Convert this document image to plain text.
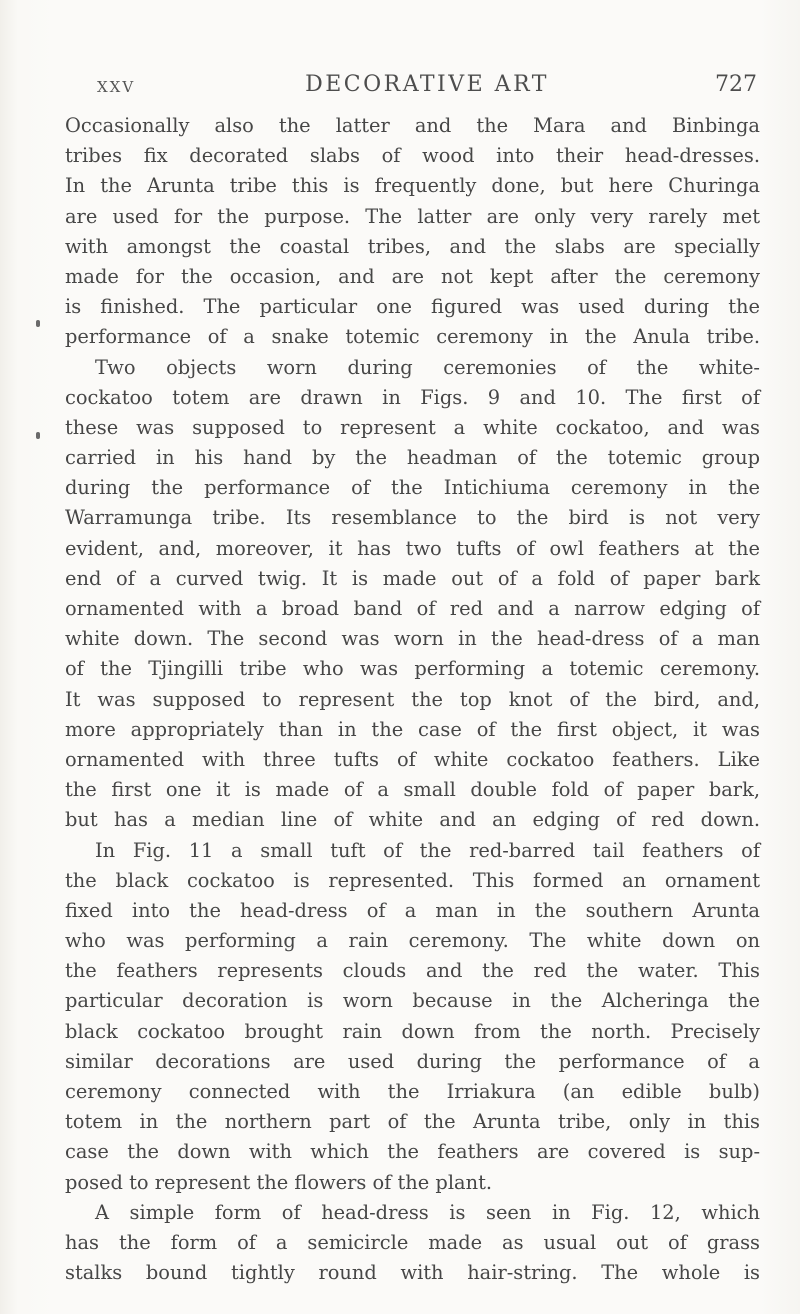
XXV	DECORATIVE ART	727
Occasionally also the latter and the Mara and Binbinga
tribes fix decorated slabs of wood into their head-dresses.
In the Arunta tribe this is frequently done, but here Churinga
are used for the purpose. The latter are only very rarely met
with amongst the coastal tribes, and the slabs are specially
made for the occasion, and are not kept after the ceremony
is finished. The particular one figured was used during the
performance of a snake totemic ceremony in the Anula tribe.
Two objects worn during ceremonies of the white-
cockatoo totem are drawn in Figs. 9 and 10. The first of
these was supposed to represent a white cockatoo, and was
carried in his hand by the headman of the totemic group
during the performance of the Intichiuma ceremony in the
Warramunga tribe. Its resemblance to the bird is not very
evident, and, moreover, it has two tufts of owl feathers at the
end of a curved twig. It is made out of a fold of paper bark
ornamented with a broad band of red and a narrow edging of
white down. The second was worn in the head-dress of a man
of the Tjingilli tribe who was performing a totemic ceremony.
It was supposed to represent the top knot of the bird, and,
more appropriately than in the case of the first object, it was
ornamented with three tufts of white cockatoo feathers. Like
the first one it is made of a small double fold of paper bark,
but has a median line of white and an edging of red down.
In Fig. 11 a small tuft of the red-barred tail feathers of
the black cockatoo is represented. This formed an ornament
fixed into the head-dress of a man in the southern Arunta
who was performing a rain ceremony. The white down on
the feathers represents clouds and the red the water. This
particular decoration is worn because in the Alcheringa the
black cockatoo brought rain down from the north. Precisely
similar decorations are used during the performance of a
ceremony connected with the Irriakura (an edible bulb)
totem in the northern part of the Arunta tribe, only in this
case the down with which the feathers are covered is sup-
posed to represent the flowers of the plant.
A simple form of head-dress is seen in Fig. 12, which
has the form of a semicircle made as usual out of grass
stalks bound tightly round with hair-string. The whole is
